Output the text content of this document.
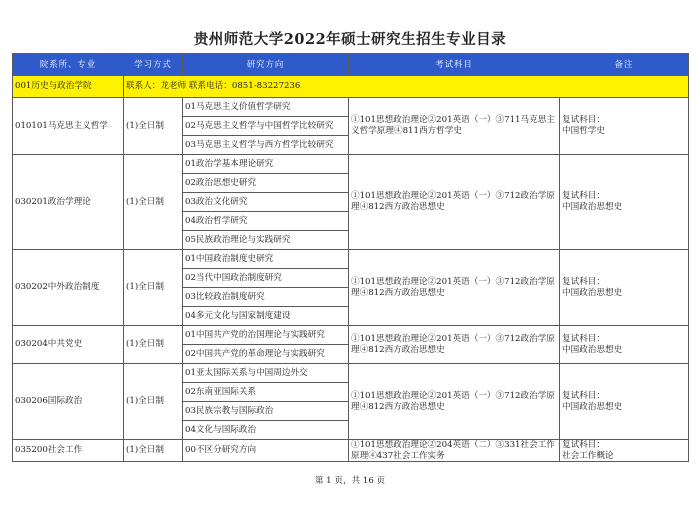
贵州师范大学2022年硕士研究生招生专业目录
院系所、专业	学习方式	研究方向	考试科目	备注
001历史与政治学院	联系人：龙老师 联系电话：0851-83227236			
010101马克思主义哲学	(1)全日制	01马克思主义价值哲学研究	①101思想政治理论②201英语（一）③711马克思主义哲学原理④811西方哲学史	复试科目：
中国哲学史

		02马克思主义哲学与中国哲学比较研究		
		03马克思主义哲学与西方哲学比较研究		
030201政治学理论	(1)全日制	01政治学基本理论研究	①101思想政治理论②201英语（一）③712政治学原理④812西方政治思想史	复试科目：
中国政治思想史

		02政治思想史研究		
		03政治文化研究		
		04政治哲学研究		
		05民族政治理论与实践研究		
030202中外政治制度	(1)全日制	01中国政治制度史研究	①101思想政治理论②201英语（一）③712政治学原理④812西方政治思想史	复试科目：
中国政治思想史

		02当代中国政治制度研究		
		03比较政治制度研究		
		04多元文化与国家制度建设		
030204中共党史	(1)全日制	01中国共产党的治国理论与实践研究	①101思想政治理论②201英语（一）③712政治学原理④812西方政治思想史	复试科目：
中国政治思想史

		02中国共产党的革命理论与实践研究		
030206国际政治	(1)全日制	01亚太国际关系与中国周边外交	①101思想政治理论②201英语（一）③712政治学原理④812西方政治思想史	复试科目：
中国政治思想史

		02东南亚国际关系		
		03民族宗教与国际政治		
		04文化与国际政治		
035200社会工作	(1)全日制	00不区分研究方向	①101思想政治理论②204英语（二）③331社会工作原理④437社会工作实务	复试科目：
社会工作概论
第 1 页，共 16 页
